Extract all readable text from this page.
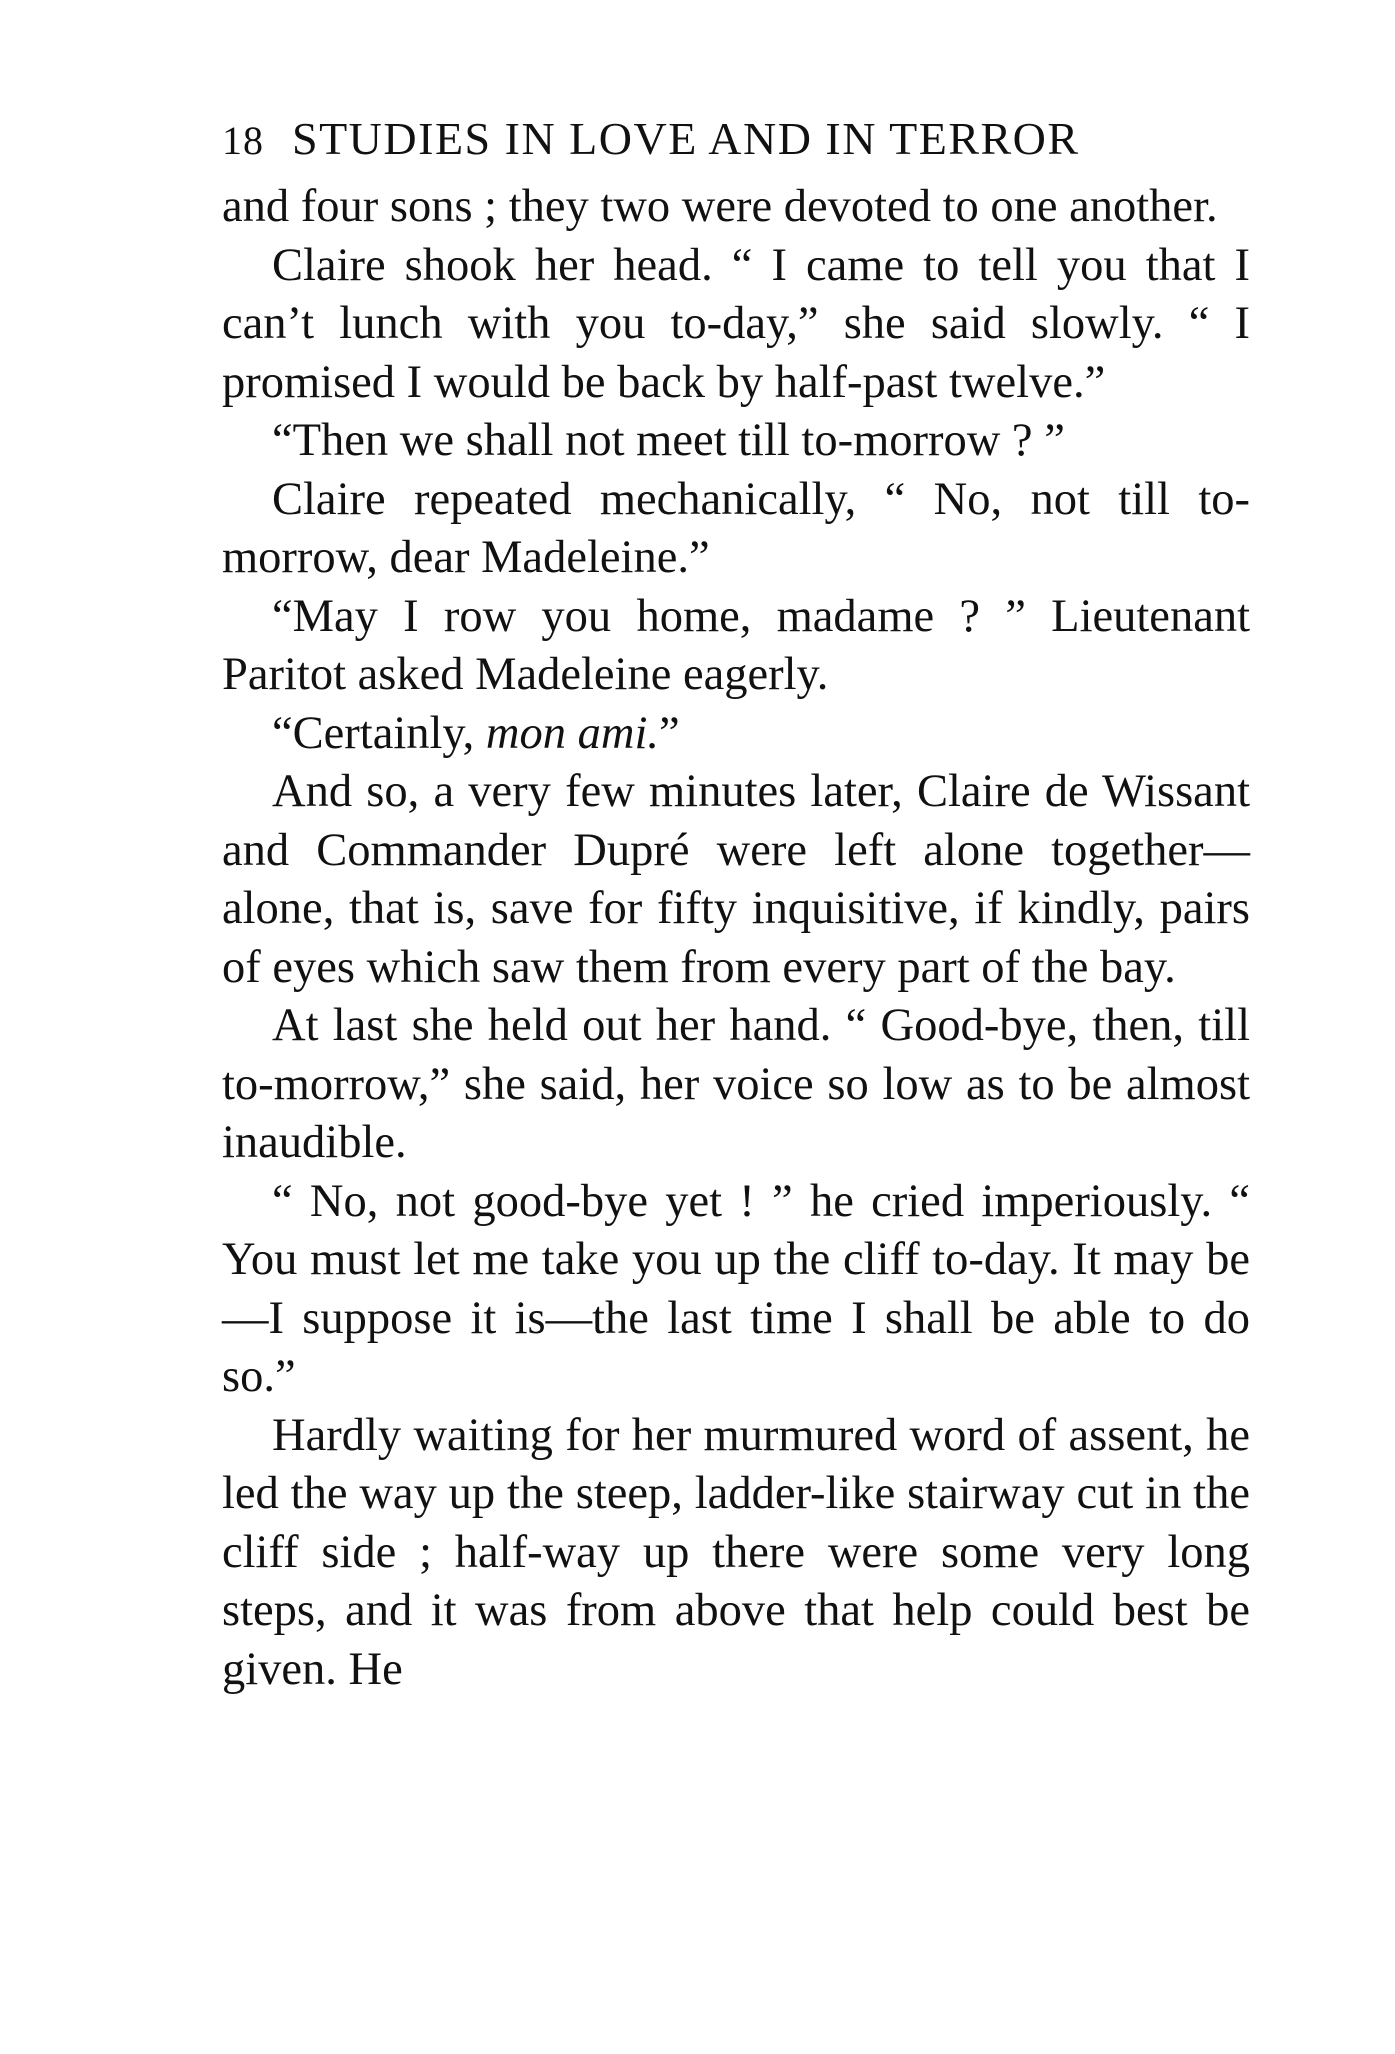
18 STUDIES IN LOVE AND IN TERROR

and four sons ; they two were devoted to one another.

Claire shook her head. “ I came to tell you that I can’t lunch with you to-day,” she said slowly. “ I promised I would be back by half-past twelve.”

“Then we shall not meet till to-morrow ? ”

Claire repeated mechanically, “ No, not till to-morrow, dear Madeleine.”

“May I row you home, madame ? ” Lieutenant Paritot asked Madeleine eagerly.

“Certainly, mon ami.”

And so, a very few minutes later, Claire de Wissant and Commander Dupré were left alone together—alone, that is, save for fifty inquisitive, if kindly, pairs of eyes which saw them from every part of the bay.

At last she held out her hand. “ Good-bye, then, till to-morrow,” she said, her voice so low as to be almost inaudible.

“ No, not good-bye yet ! ” he cried imperiously. “ You must let me take you up the cliff to-day. It may be—I suppose it is—the last time I shall be able to do so.”

Hardly waiting for her murmured word of assent, he led the way up the steep, ladder-like stairway cut in the cliff side ; half-way up there were some very long steps, and it was from above that help could best be given. He
